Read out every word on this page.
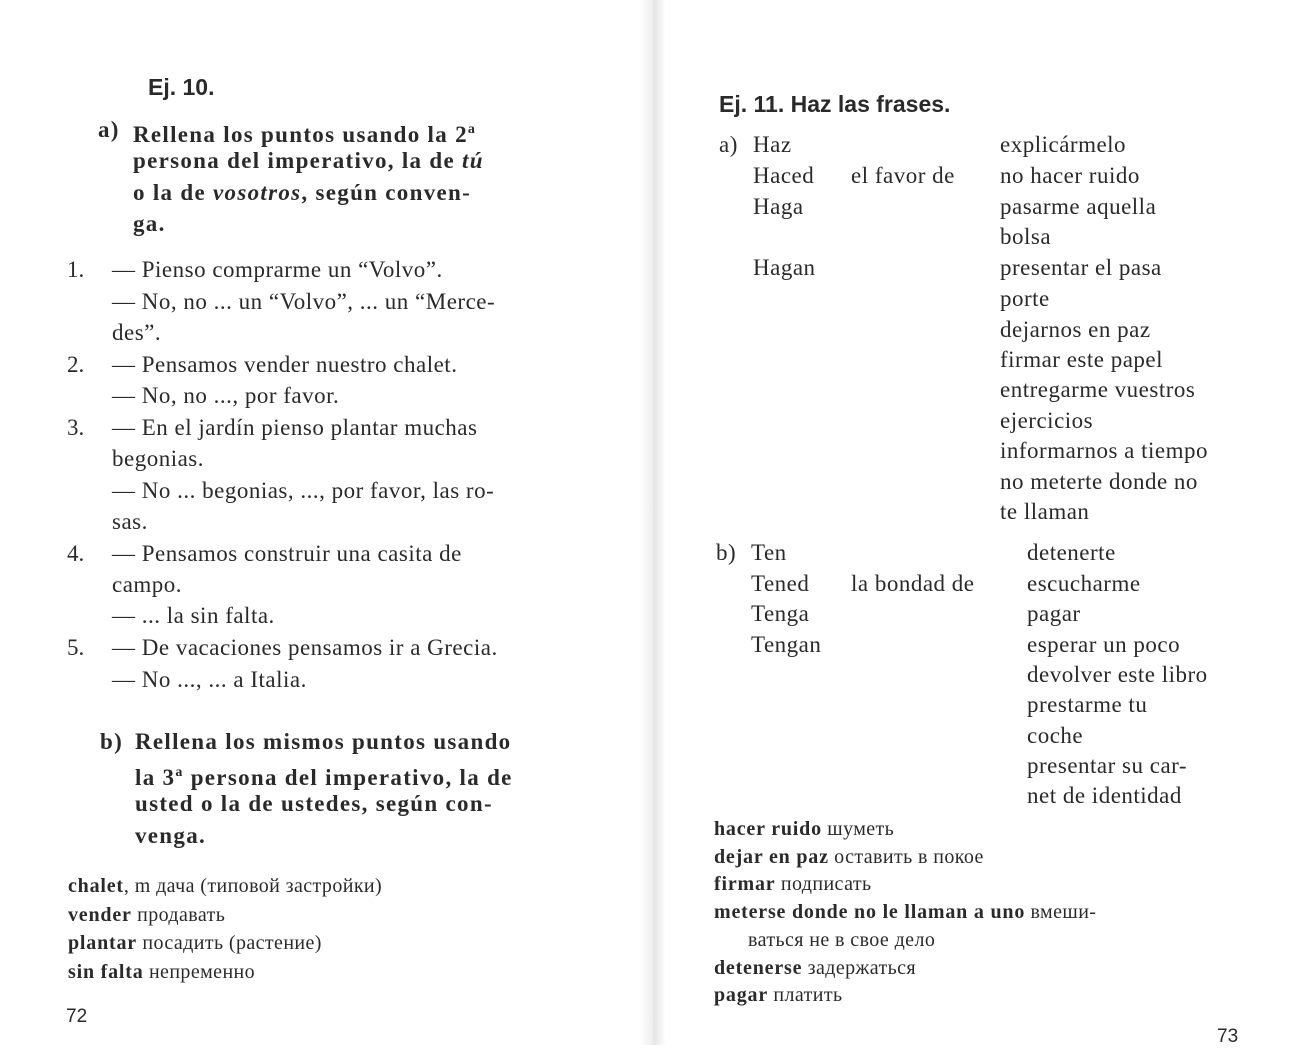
Ej. 10.
a) Rellena los puntos usando la 2$^a$
persona del imperativo, la de tú
o la de vosotros, según conven-
ga.
1. — Pienso comprarme un “Volvo”.
— No, no ... un “Volvo”, ... un “Merce-
des”.
2. — Pensamos vender nuestro chalet.
— No, no ..., por favor.
3. — En el jardín pienso plantar muchas
begonias.
— No ... begonias, ..., por favor, las ro-
sas.
4. — Pensamos construir una casita de
campo.
— ... la sin falta.
5. — De vacaciones pensamos ir a Grecia.
— No ..., ... a Italia.
b) Rellena los mismos puntos usando
la 3$^a$ persona del imperativo, la de
usted o la de ustedes, según con-
venga.
chalet, m дача (типовой застройки)
vender продавать
plantar посадить (растение)
sin falta непременно
72
Ej. 11. Haz las frases.
a) Haz
Haced
Haga
Hagan
el favor de
explicármelo
no hacer ruido
pasarme aquella
bolsa
presentar el pasa
porte
dejarnos en paz
firmar este papel
entregarme vuestros
ejercicios
informarnos a tiempo
no meterte donde no
te llaman
b) Ten
Tened
Tenga
Tengan
la bondad de
detenerte
escucharme
pagar
esperar un poco
devolver este libro
prestarme tu
coche
presentar su car-
net de identidad
hacer ruido шуметь
dejar en paz оставить в покое
firmar подписать
meterse donde no le llaman a uno вмеши-
ваться не в свое дело
detenerse задержаться
pagar платить
73
